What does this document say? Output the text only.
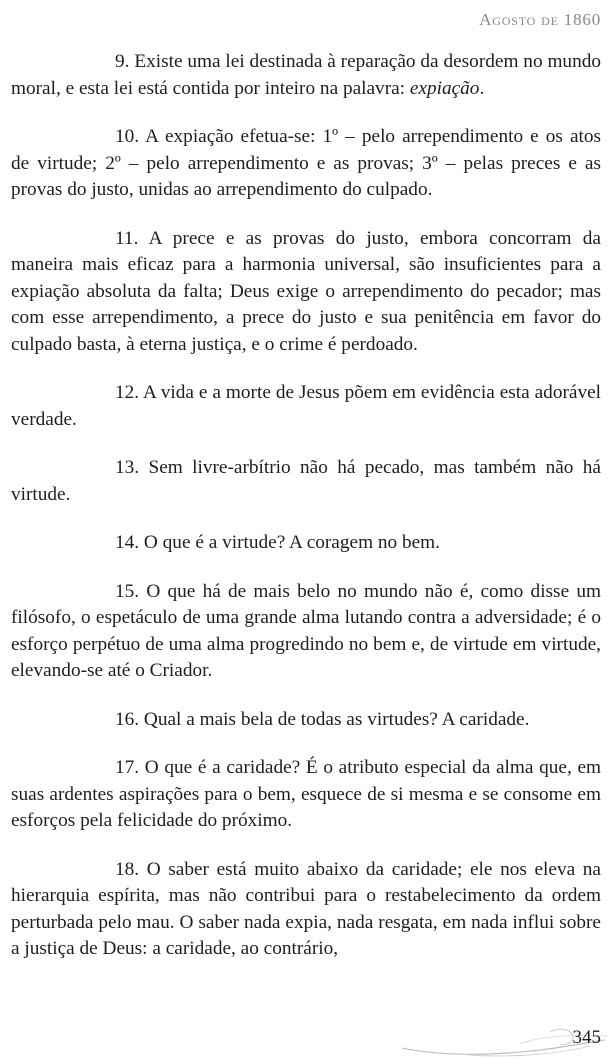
Agosto de 1860

9. Existe uma lei destinada à reparação da desordem no mundo moral, e esta lei está contida por inteiro na palavra: expiação.

10. A expiação efetua-se: 1º – pelo arrependimento e os atos de virtude; 2º – pelo arrependimento e as provas; 3º – pelas preces e as provas do justo, unidas ao arrependimento do culpado.

11. A prece e as provas do justo, embora concorram da maneira mais eficaz para a harmonia universal, são insuficientes para a expiação absoluta da falta; Deus exige o arrependimento do pecador; mas com esse arrependimento, a prece do justo e sua penitência em favor do culpado basta, à eterna justiça, e o crime é perdoado.

12. A vida e a morte de Jesus põem em evidência esta adorável verdade.

13. Sem livre-arbítrio não há pecado, mas também não há virtude.

14. O que é a virtude? A coragem no bem.

15. O que há de mais belo no mundo não é, como disse um filósofo, o espetáculo de uma grande alma lutando contra a adversidade; é o esforço perpétuo de uma alma progredindo no bem e, de virtude em virtude, elevando-se até o Criador.

16. Qual a mais bela de todas as virtudes? A caridade.

17. O que é a caridade? É o atributo especial da alma que, em suas ardentes aspirações para o bem, esquece de si mesma e se consome em esforços pela felicidade do próximo.

18. O saber está muito abaixo da caridade; ele nos eleva na hierarquia espírita, mas não contribui para o restabelecimento da ordem perturbada pelo mau. O saber nada expia, nada resgata, em nada influi sobre a justiça de Deus: a caridade, ao contrário,

345
